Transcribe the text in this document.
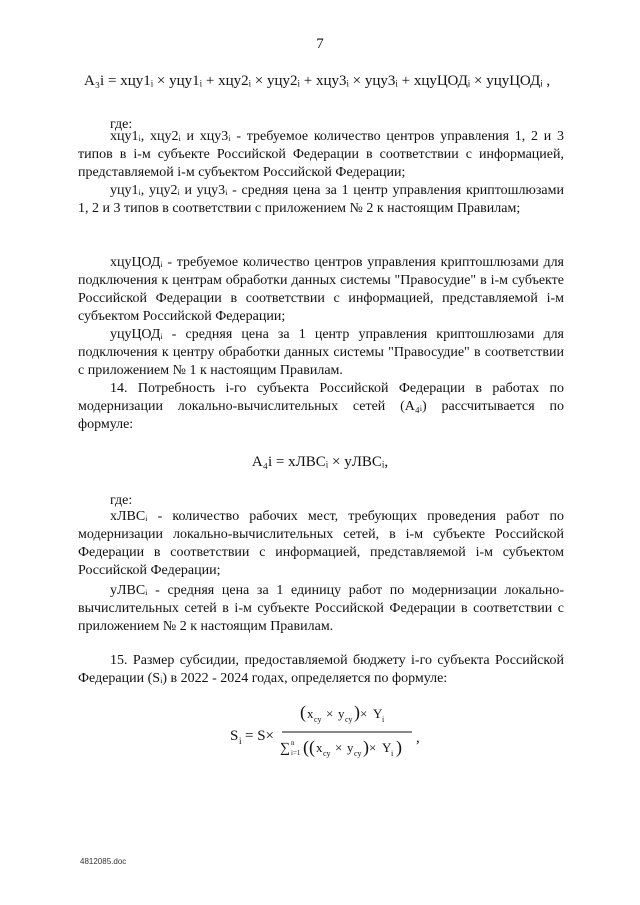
7
A₃i = xцy1ᵢ × yцy1ᵢ + xцy2ᵢ × yцy2ᵢ + xцy3ᵢ × yцy3ᵢ + xцyЦОДᵢ × yцyЦОДᵢ ,
где:
хцу1ᵢ, хцу2ᵢ и хцу3ᵢ - требуемое количество центров управления 1, 2 и 3 типов в i-м субъекте Российской Федерации в соответствии с информацией, представляемой i-м субъектом Российской Федерации;
уцу1ᵢ, уцу2ᵢ и уцу3ᵢ - средняя цена за 1 центр управления криптошлюзами 1, 2 и 3 типов в соответствии с приложением № 2 к настоящим Правилам;
хцуЦОДᵢ - требуемое количество центров управления криптошлюзами для подключения к центрам обработки данных системы "Правосудие" в i-м субъекте Российской Федерации в соответствии с информацией, представляемой i-м субъектом Российской Федерации;
уцуЦОДᵢ - средняя цена за 1 центр управления криптошлюзами для подключения к центру обработки данных системы "Правосудие" в соответствии с приложением № 1 к настоящим Правилам.
14. Потребность i-го субъекта Российской Федерации в работах по модернизации локально-вычислительных сетей (A₄ᵢ) рассчитывается по формуле:
A₄i = xЛВСᵢ × yЛВСᵢ,
где:
xЛВСᵢ - количество рабочих мест, требующих проведения работ по модернизации локально-вычислительных сетей, в i-м субъекте Российской Федерации в соответствии с информацией, представляемой i-м субъектом Российской Федерации;
yЛВСᵢ - средняя цена за 1 единицу работ по модернизации локально-вычислительных сетей в i-м субъекте Российской Федерации в соответствии с приложением № 2 к настоящим Правилам.
15. Размер субсидии, предоставляемой бюджету i-го субъекта Российской Федерации (Sᵢ) в 2022 - 2024 годах, определяется по формуле:
S i = S×
( x cy × y cy ) × Y i
∑ n
i=1 ( ( x cy × y cy ) × Y i ) ,
4812085.doc
